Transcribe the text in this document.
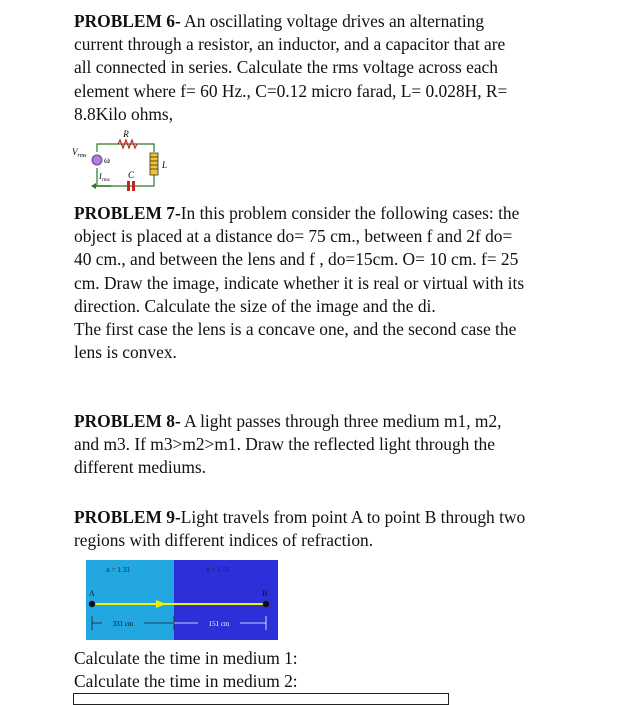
PROBLEM 6- An oscillating voltage drives an alternating
current through a resistor, an inductor, and a capacitor that are
all connected in series. Calculate the rms voltage across each
element where f= 60 Hz., C=0.12 micro farad, L= 0.028H, R=
8.8Kilo ohms,
R
$V_{rms}$ ω	L
$I_{rms}$ C
PROBLEM 7-In this problem consider the following cases: the
object is placed at a distance do= 75 cm., between f and 2f do=
40 cm., and between the lens and f , do=15cm. O= 10 cm. f= 25
cm. Draw the image, indicate whether it is real or virtual with its
direction. Calculate the size of the image and the di.
The first case the lens is a concave one, and the second case the
lens is convex.
PROBLEM 8- A light passes through three medium m1, m2,
and m3. If m3>m2>m1. Draw the reflected light through the
different mediums.
PROBLEM 9-Light travels from point A to point B through two
regions with different indices of refraction.
n = 1.33	n = 1.51
A	B
331 cm	151 cm
Calculate the time in medium 1:
Calculate the time in medium 2:
